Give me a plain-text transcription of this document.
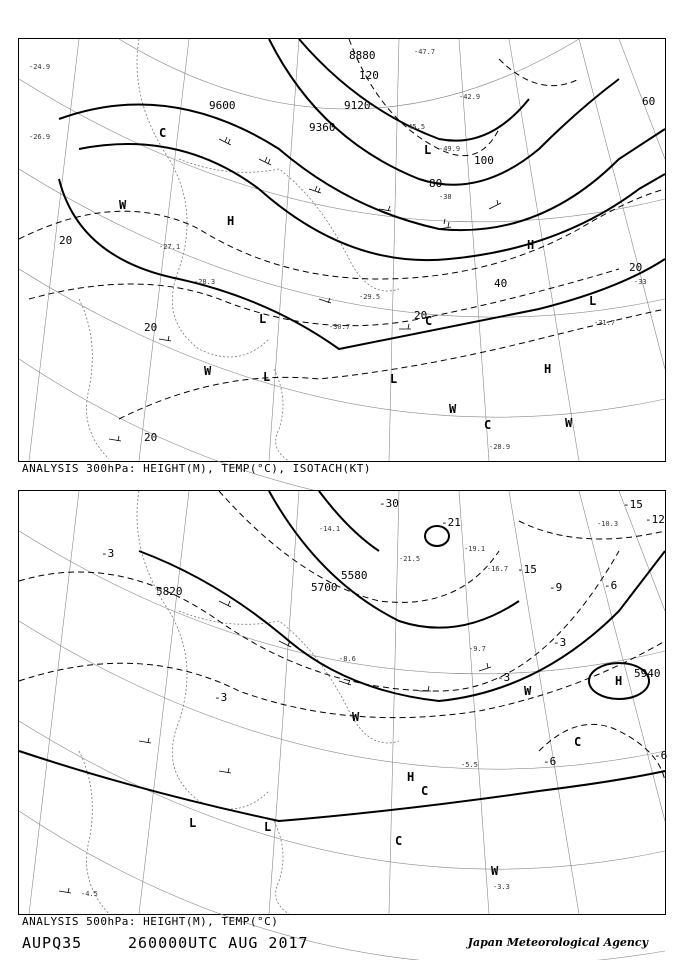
9600
9360
9120
8880
20
40
60
80
100
120
20
20
20
20
H
H
H
L
L
L	L
L
W
W
W
W
C
C
C
-24.9
-26.9
-27.1
-28.3
-28.9
-29.5
-30.7	-31.7
-33
-38
-42.9
-45.5
-47.7
-49.9
ANALYSIS 300hPa: HEIGHT(M), TEMP(°C), ISOTACH(KT)
5820	5700
5580
5940
-3
-3
-3
-3
-6
-6	-6
-9
-12
-15
-15
-21
-30
H
H
L	L
W
W
W
C
C
C
-3.3
-4.5
-5.5
-8.6
-9.7
-10.3
-14.1
-16.7
-19.1
-21.5
ANALYSIS 500hPa: HEIGHT(M), TEMP(°C)
AUPQ35	260000UTC AUG 2017	Japan Meteorological Agency
